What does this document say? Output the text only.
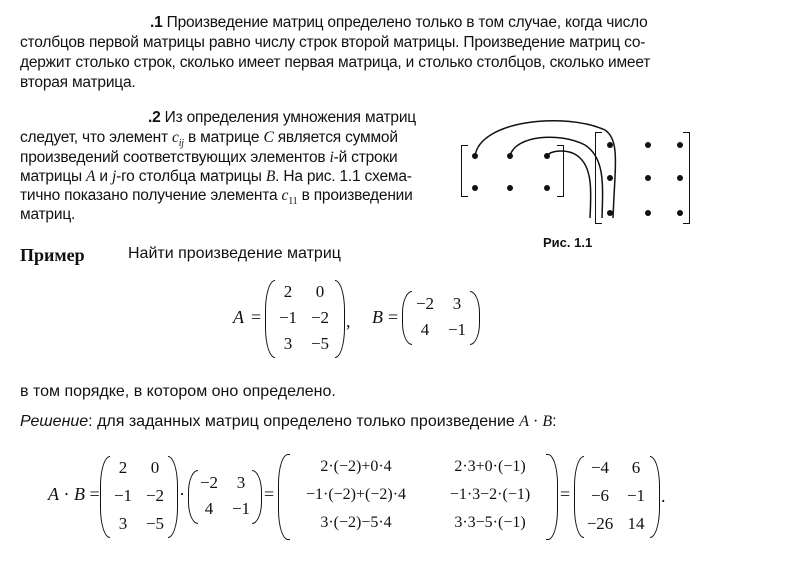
.1 Произведение матриц определено только в том случае, когда число
столбцов первой матрицы равно числу строк второй матрицы. Произведение матриц со-
держит столько строк, сколько имеет первая матрица, и столько столбцов, сколько имеет
вторая матрица.
.2 Из определения умножения матриц
следует, что элемент $c_{ij}$ в матрице C является суммой
произведений соответствующих элементов i-й строки
матрицы A и j-го столбца матрицы B. На рис. 1.1 схема-
тично показано получение элемента $c_{11}$ в произведении
матриц.
Рис. 1.1
Пример	Найти произведение матриц
A =
2	0
−1 −2
3	−5
, B =
−2	3
4	−1
в том порядке, в котором оно определено.
Решение: для заданных матриц определено только произведение A · B:
A · B =
2	0
−1 −2
3	−5
·
−2	3
4	−1
=
2·(−2)+0·4	2·3+0·(−1)
−1·(−2)+(−2)·4	−1·3−2·(−1)
3·(−2)−5·4	3·3−5·(−1)
=
−4	6
−6	−1
−26 14
.
